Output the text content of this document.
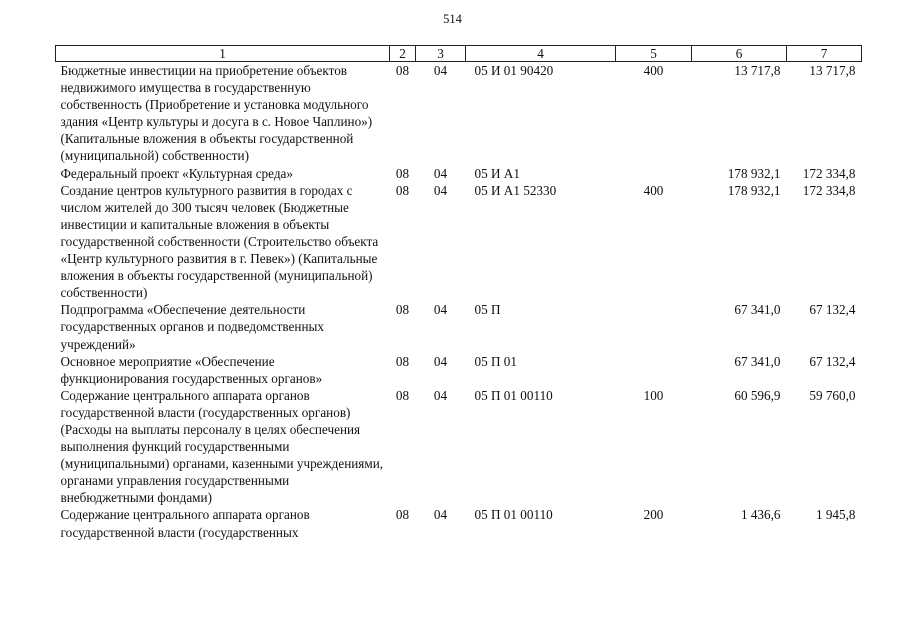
514
1	2	3	4	5	6	7
Бюджетные инвестиции на приобретение объектов недвижимого имущества в государственную собственность (Приобретение и установка модульного здания «Центр культуры и досуга в с. Новое Чаплино») (Капитальные вложения в объекты государственной (муниципальной) собственности)	08	04	05 И 01 90420	400	13 717,8	13 717,8
Федеральный проект «Культурная среда»	08	04	05 И А1		178 932,1	172 334,8
Создание центров культурного развития в городах с числом жителей до 300 тысяч человек (Бюджетные инвестиции и капитальные вложения в объекты государственной собственности (Строительство объекта «Центр культурного развития в г. Певек») (Капитальные вложения в объекты государственной (муниципальной) собственности)	08	04	05 И А1 52330	400	178 932,1	172 334,8
Подпрограмма «Обеспечение деятельности государственных органов и подведомственных учреждений»	08	04	05 П		67 341,0	67 132,4
Основное мероприятие «Обеспечение функционирования государственных органов»	08	04	05 П 01		67 341,0	67 132,4
Содержание центрального аппарата органов государственной власти (государственных органов) (Расходы на выплаты персоналу в целях обеспечения выполнения функций государственными (муниципальными) органами, казенными учреждениями, органами управления государственными внебюджетными фондами)	08	04	05 П 01 00110	100	60 596,9	59 760,0
Содержание центрального аппарата органов государственной власти (государственных	08	04	05 П 01 00110	200	1 436,6	1 945,8
